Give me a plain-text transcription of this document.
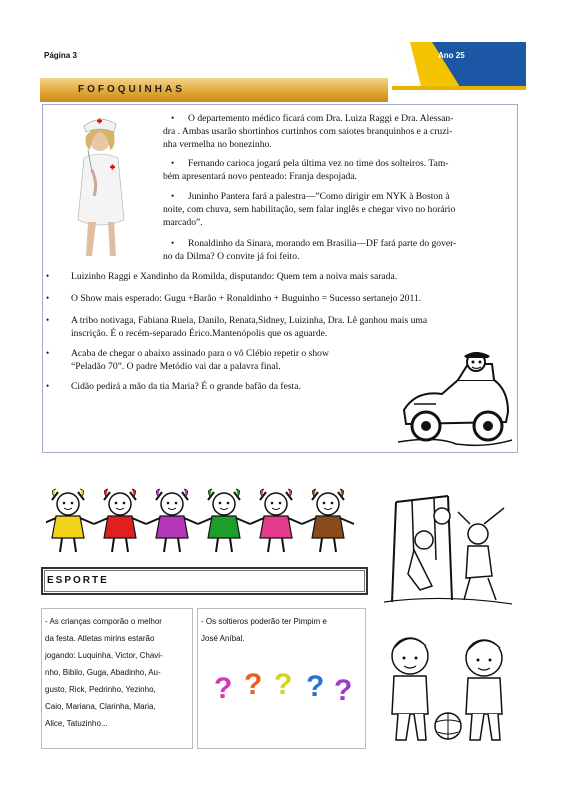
Página 3	Ano 25
FOFOQUINHAS
• O departemento médico ficará com Dra. Luiza Raggi e Dra. Alessan-
dra . Ambas usarão shortinhos curtinhos com saiotes branquinhos e a cruzi-
nha vermelha no bonezinho.
• Fernando carioca jogará pela última vez no time dos solteiros. Tam-
bém apresentará novo penteado: Franja despojada.
• Juninho Pantera fará a palestra—”Como dirigir em NYK à Boston à
noite, com chuva, sem habilitação, sem falar inglês e chegar vivo no horário
marcado”.
• Ronaldinho da Sinara, morando em Brasilia—DF fará parte do gover-
no da Dilma? O convite já foi feito.
• Luizinho Raggi e Xandinho da Romilda, disputando: Quem tem a noiva mais sarada.
• O Show mais esperado: Gugu +Barão + Ronaldinho + Buguinho = Sucesso sertanejo 2011.
• A tribo notivaga, Fabiana Ruela, Danilo, Renata,Sidney, Luizinha, Dra. Lê ganhou mais uma
inscrição. É o recém-separado Érico.Mantenópolis que os aguarde.
• Acaba de chegar o abaixo assinado para o vô Clébio repetir o show
“Peladão 70”. O padre Metódio vai dar a palavra final.
• Cidão pedirá a mão da tia Maria? É o grande bafão da festa.
ESPORTE
- As crianças comporão o melhor
da festa. Atletas mirins estarão
jogando: Luquinha, Victor, Chavi-
nho, Bibilo, Guga, Abadinho, Au-
gusto, Rick, Pedrinho, Yezinho,
Caio, Mariana, Clarinha, Maria,
Alice, Tatuzinho...
- Os soltieros poderão ter Pimpim e
José Aníbal.
? ? ? ? ?
